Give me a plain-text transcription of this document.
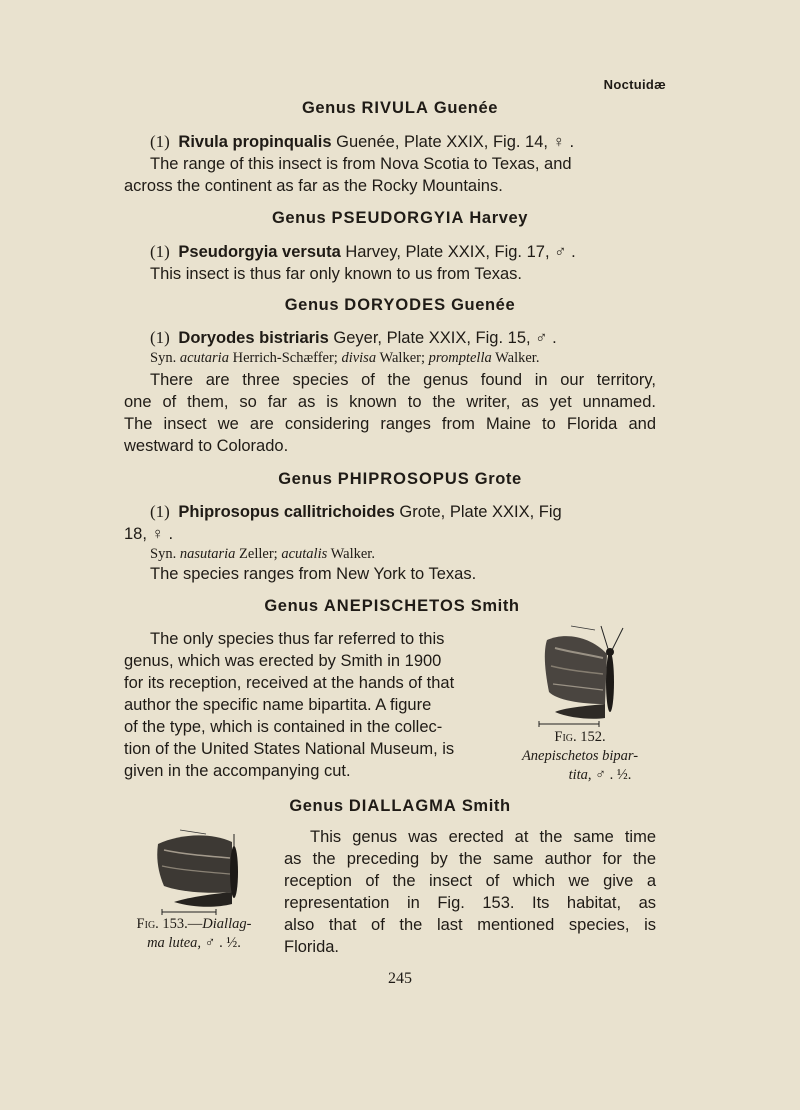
Noctuidæ
Genus RIVULA Guenée
(1) Rivula propinqualis Guenée, Plate XXIX, Fig. 14, ♀ .
The range of this insect is from Nova Scotia to Texas, and
across the continent as far as the Rocky Mountains.
Genus PSEUDORGYIA Harvey
(1) Pseudorgyia versuta Harvey, Plate XXIX, Fig. 17, ♂ .
This insect is thus far only known to us from Texas.
Genus DORYODES Guenée
(1) Doryodes bistriaris Geyer, Plate XXIX, Fig. 15, ♂ .
Syn. acutaria Herrich-Schæffer; divisa Walker; promptella Walker.
There are three species of the genus found in our territory,
one of them, so far as is known to the writer, as yet unnamed.
The insect we are considering ranges from Maine to Florida and
westward to Colorado.
Genus PHIPROSOPUS Grote
(1) Phiprosopus callitrichoides Grote, Plate XXIX, Fig
18, ♀ .
Syn. nasutaria Zeller; acutalis Walker.
The species ranges from New York to Texas.
Genus ANEPISCHETOS Smith
The only species thus far referred to this
genus, which was erected by Smith in 1900
for its reception, received at the hands of that
author the specific name bipartita. A figure
of the type, which is contained in the collec-
tion of the United States National Museum, is
given in the accompanying cut.
Fig. 152.
Anepischetos bipar-
tita, ♂ . ½.
Genus DIALLAGMA Smith
Fig. 153.—Diallag-
ma lutea, ♂ . ½.
This genus was erected at the same time
as the preceding by the same author for the
reception of the insect of which we give a
representation in Fig. 153. Its habitat, as
also that of the last mentioned species, is
Florida.
245
